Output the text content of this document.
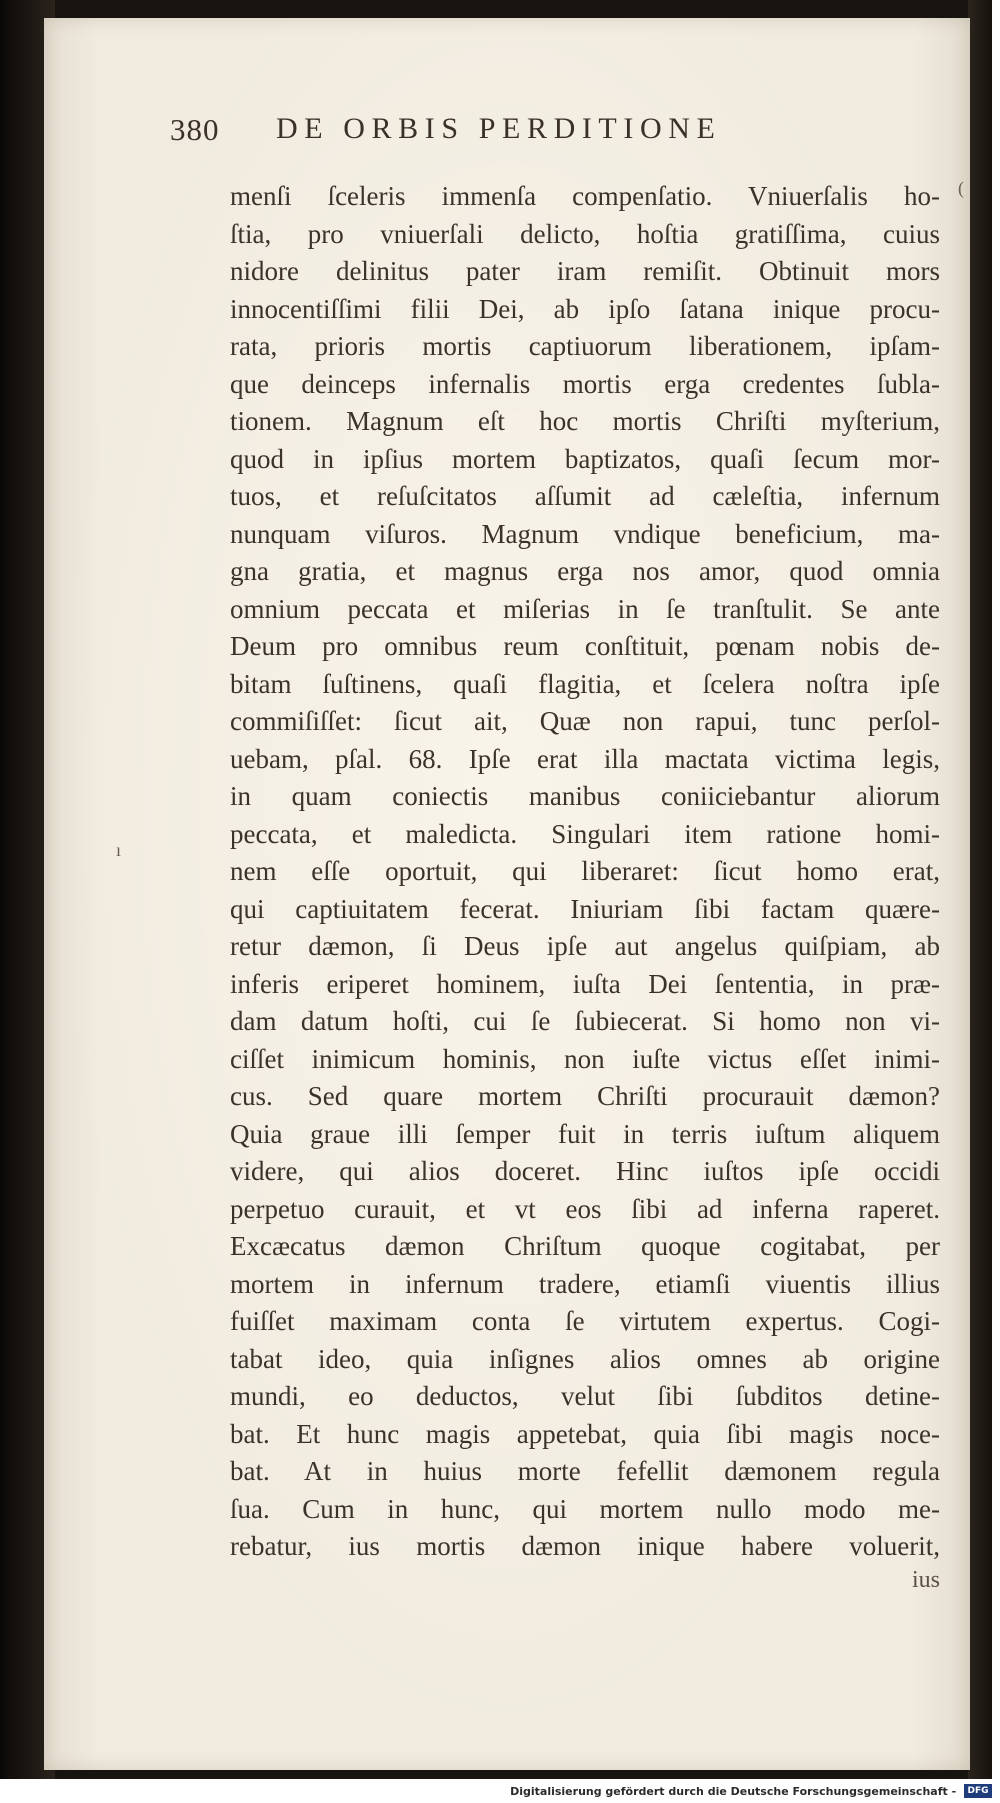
380 DE ORBIS PERDITIONE
menſi ſceleris immenſa compenſatio. Vniuerſalis ho-
ſtia, pro vniuerſali delicto, hoſtia gratiſſima, cuius
nidore delinitus pater iram remiſit. Obtinuit mors
innocentiſſimi filii Dei, ab ipſo ſatana inique procu-
rata, prioris mortis captiuorum liberationem, ipſam-
que deinceps infernalis mortis erga credentes ſubla-
tionem. Magnum eſt hoc mortis Chriſti myſterium,
quod in ipſius mortem baptizatos, quaſi ſecum mor-
tuos, et reſuſcitatos aſſumit ad cæleſtia, infernum
nunquam viſuros. Magnum vndique beneficium, ma-
gna gratia, et magnus erga nos amor, quod omnia
omnium peccata et miſerias in ſe tranſtulit. Se ante
Deum pro omnibus reum conſtituit, pœnam nobis de-
bitam ſuſtinens, quaſi flagitia, et ſcelera noſtra ipſe
commiſiſſet: ſicut ait, Quæ non rapui, tunc perſol-
uebam, pſal. 68. Ipſe erat illa mactata victima legis,
in quam coniectis manibus coniiciebantur aliorum
peccata, et maledicta. Singulari item ratione homi-
nem eſſe oportuit, qui liberaret: ſicut homo erat,
qui captiuitatem fecerat. Iniuriam ſibi factam quære-
retur dæmon, ſi Deus ipſe aut angelus quiſpiam, ab
inferis eriperet hominem, iuſta Dei ſententia, in præ-
dam datum hoſti, cui ſe ſubiecerat. Si homo non vi-
ciſſet inimicum hominis, non iuſte victus eſſet inimi-
cus. Sed quare mortem Chriſti procurauit dæmon?
Quia graue illi ſemper fuit in terris iuſtum aliquem
videre, qui alios doceret. Hinc iuſtos ipſe occidi
perpetuo curauit, et vt eos ſibi ad inferna raperet.
Excæcatus dæmon Chriſtum quoque cogitabat, per
mortem in infernum tradere, etiamſi viuentis illius
fuiſſet maximam conta ſe virtutem expertus. Cogi-
tabat ideo, quia inſignes alios omnes ab origine
mundi, eo deductos, velut ſibi ſubditos detine-
bat. Et hunc magis appetebat, quia ſibi magis noce-
bat. At in huius morte fefellit dæmonem regula
ſua. Cum in hunc, qui mortem nullo modo me-
rebatur, ius mortis dæmon inique habere voluerit,
ius
(
ı
Digitalisierung gefördert durch die Deutsche Forschungsgemeinschaft - DFG
